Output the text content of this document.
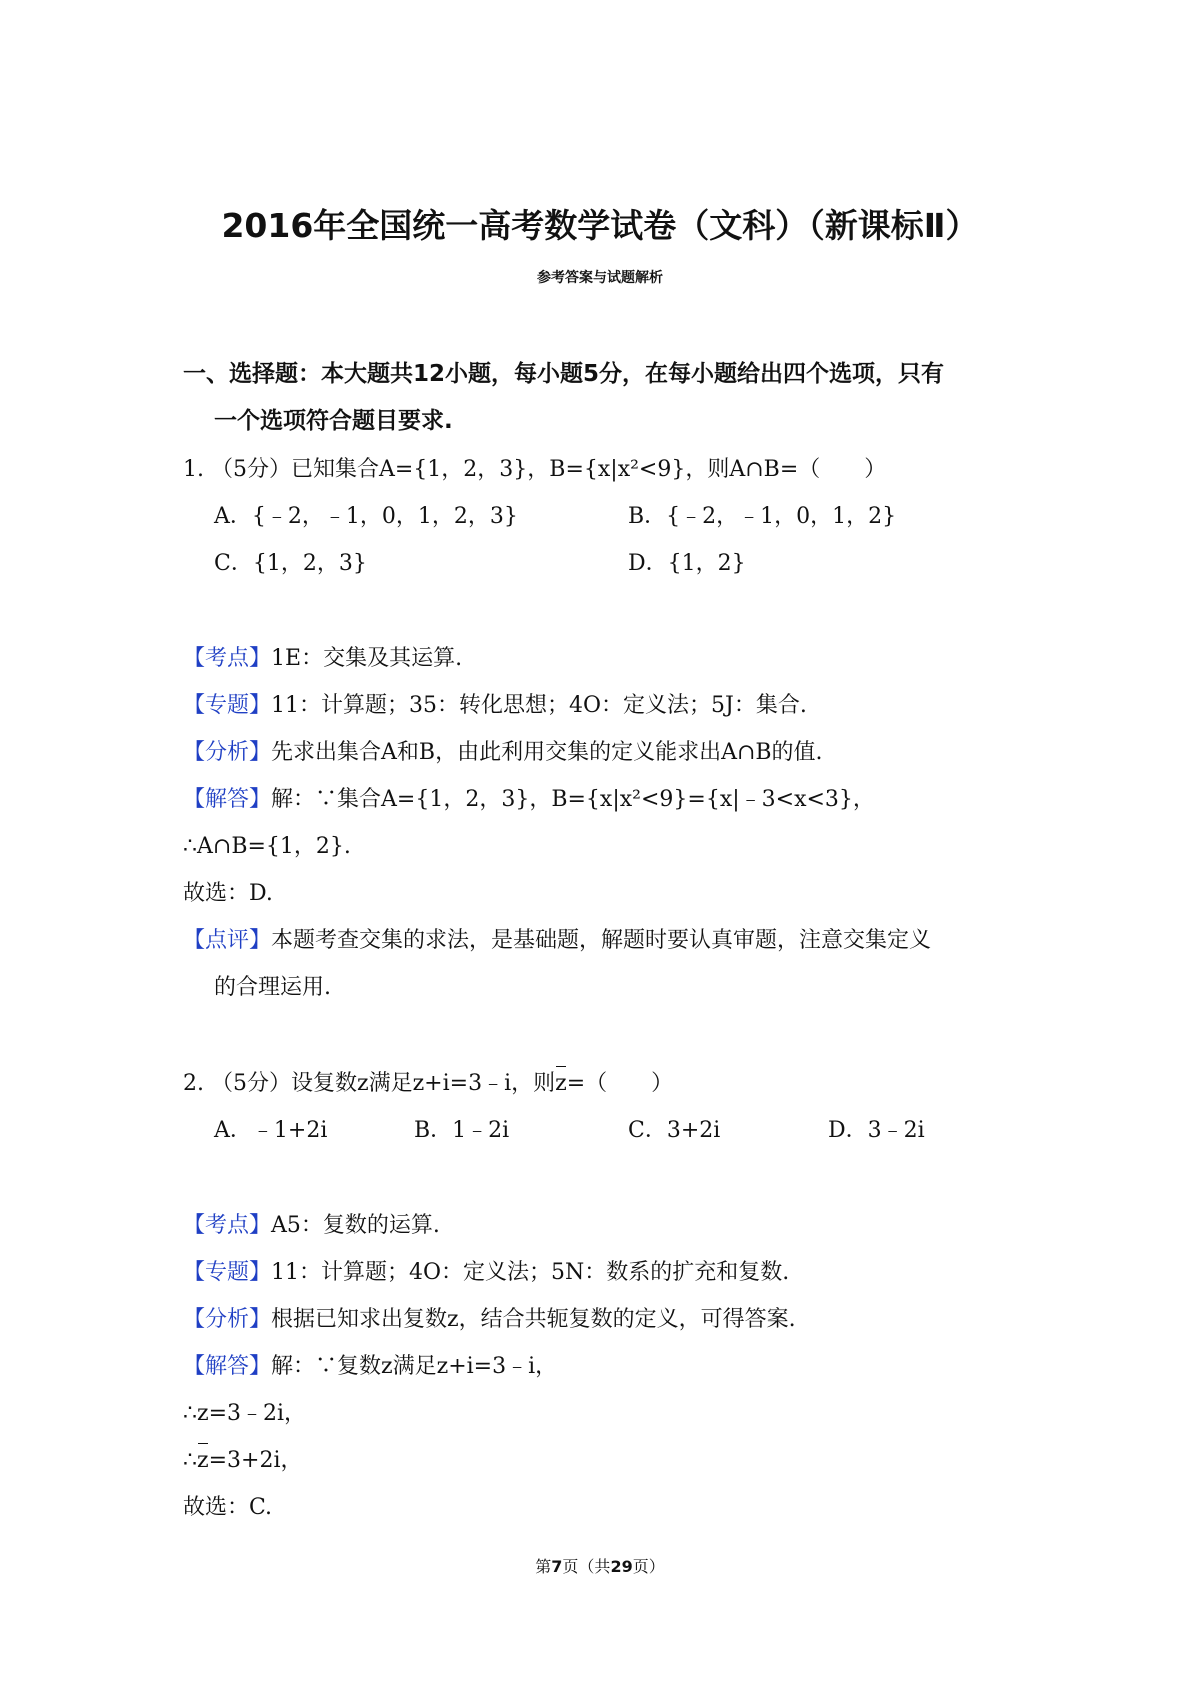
2016年全国统一高考数学试卷（文科）（新课标Ⅱ）
参考答案与试题解析
一、选择题：本大题共12小题，每小题5分，在每小题给出四个选项，只有
一个选项符合题目要求.
1. （5分）已知集合A={1，2，3}，B={x|x²<9}，则A∩B=（　　）
A．{﹣2，﹣1，0，1，2，3}	B．{﹣2，﹣1，0，1，2}
C．{1，2，3}	D．{1，2}
【考点】1E：交集及其运算.
【专题】11：计算题；35：转化思想；4O：定义法；5J：集合.
【分析】先求出集合A和B，由此利用交集的定义能求出A∩B的值.
【解答】解：∵集合A={1，2，3}，B={x|x²<9}={x|﹣3<x<3}，
∴A∩B={1，2}.
故选：D.
【点评】本题考查交集的求法，是基础题，解题时要认真审题，注意交集定义
的合理运用.
2. （5分）设复数z满足z+i=3﹣i，则z=（　　）
A．﹣1+2i	B．1﹣2i	C．3+2i	D．3﹣2i
【考点】A5：复数的运算.
【专题】11：计算题；4O：定义法；5N：数系的扩充和复数.
【分析】根据已知求出复数z，结合共轭复数的定义，可得答案.
【解答】解：∵复数z满足z+i=3﹣i，
∴z=3﹣2i，
∴z=3+2i，
故选：C.
第7页（共29页）
